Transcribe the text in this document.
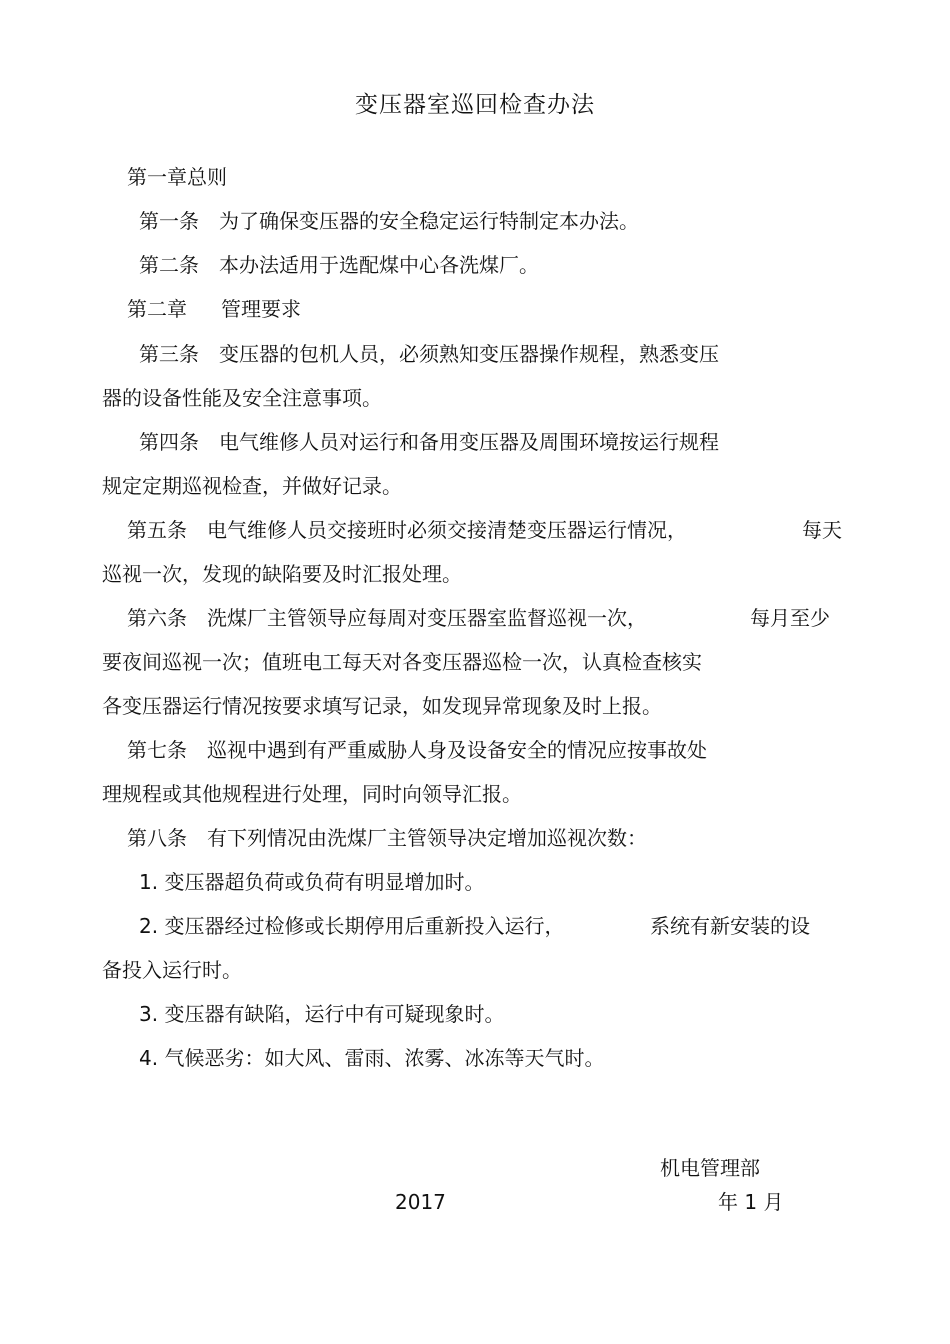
变压器室巡回检查办法
第一章总则
第一条 为了确保变压器的安全稳定运行特制定本办法。
第二条 本办法适用于选配煤中心各洗煤厂。
第二章 管理要求
第三条 变压器的包机人员，必须熟知变压器操作规程，熟悉变压
器的设备性能及安全注意事项。
第四条 电气维修人员对运行和备用变压器及周围环境按运行规程
规定定期巡视检查，并做好记录。
第五条 电气维修人员交接班时必须交接清楚变压器运行情况，	每天
巡视一次，发现的缺陷要及时汇报处理。
第六条 洗煤厂主管领导应每周对变压器室监督巡视一次，	每月至少
要夜间巡视一次；值班电工每天对各变压器巡检一次，认真检查核实
各变压器运行情况按要求填写记录，如发现异常现象及时上报。
第七条 巡视中遇到有严重威胁人身及设备安全的情况应按事故处
理规程或其他规程进行处理，同时向领导汇报。
第八条 有下列情况由洗煤厂主管领导决定增加巡视次数：
1. 变压器超负荷或负荷有明显增加时。
2. 变压器经过检修或长期停用后重新投入运行，	系统有新安装的设
备投入运行时。
3. 变压器有缺陷，运行中有可疑现象时。
4. 气候恶劣：如大风、雷雨、浓雾、冰冻等天气时。
机电管理部
2017	年 1 月
